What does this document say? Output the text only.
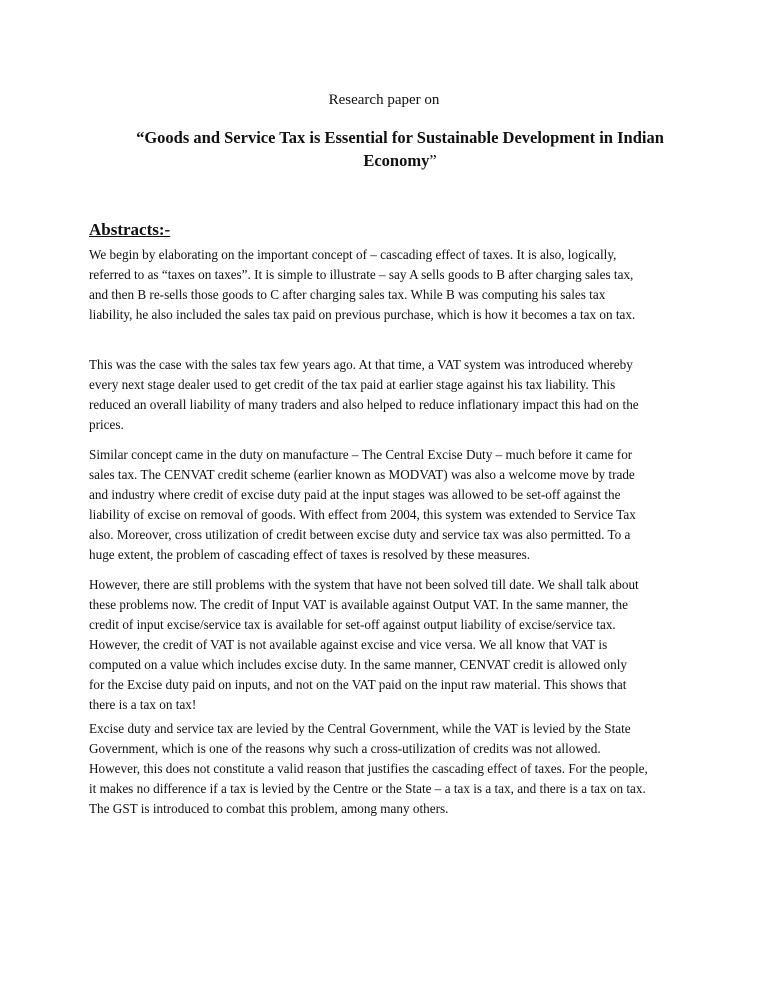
Research paper on
“Goods and Service Tax is Essential for Sustainable Development in Indian
Economy”
Abstracts:-
We begin by elaborating on the important concept of – cascading effect of taxes. It is also, logically,
referred to as “taxes on taxes”. It is simple to illustrate – say A sells goods to B after charging sales tax,
and then B re-sells those goods to C after charging sales tax. While B was computing his sales tax
liability, he also included the sales tax paid on previous purchase, which is how it becomes a tax on tax.
This was the case with the sales tax few years ago. At that time, a VAT system was introduced whereby
every next stage dealer used to get credit of the tax paid at earlier stage against his tax liability. This
reduced an overall liability of many traders and also helped to reduce inflationary impact this had on the
prices.
Similar concept came in the duty on manufacture – The Central Excise Duty – much before it came for
sales tax. The CENVAT credit scheme (earlier known as MODVAT) was also a welcome move by trade
and industry where credit of excise duty paid at the input stages was allowed to be set-off against the
liability of excise on removal of goods. With effect from 2004, this system was extended to Service Tax
also. Moreover, cross utilization of credit between excise duty and service tax was also permitted. To a
huge extent, the problem of cascading effect of taxes is resolved by these measures.
However, there are still problems with the system that have not been solved till date. We shall talk about
these problems now. The credit of Input VAT is available against Output VAT. In the same manner, the
credit of input excise/service tax is available for set-off against output liability of excise/service tax.
However, the credit of VAT is not available against excise and vice versa. We all know that VAT is
computed on a value which includes excise duty. In the same manner, CENVAT credit is allowed only
for the Excise duty paid on inputs, and not on the VAT paid on the input raw material. This shows that
there is a tax on tax!
Excise duty and service tax are levied by the Central Government, while the VAT is levied by the State
Government, which is one of the reasons why such a cross-utilization of credits was not allowed.
However, this does not constitute a valid reason that justifies the cascading effect of taxes. For the people,
it makes no difference if a tax is levied by the Centre or the State – a tax is a tax, and there is a tax on tax.
The GST is introduced to combat this problem, among many others.
